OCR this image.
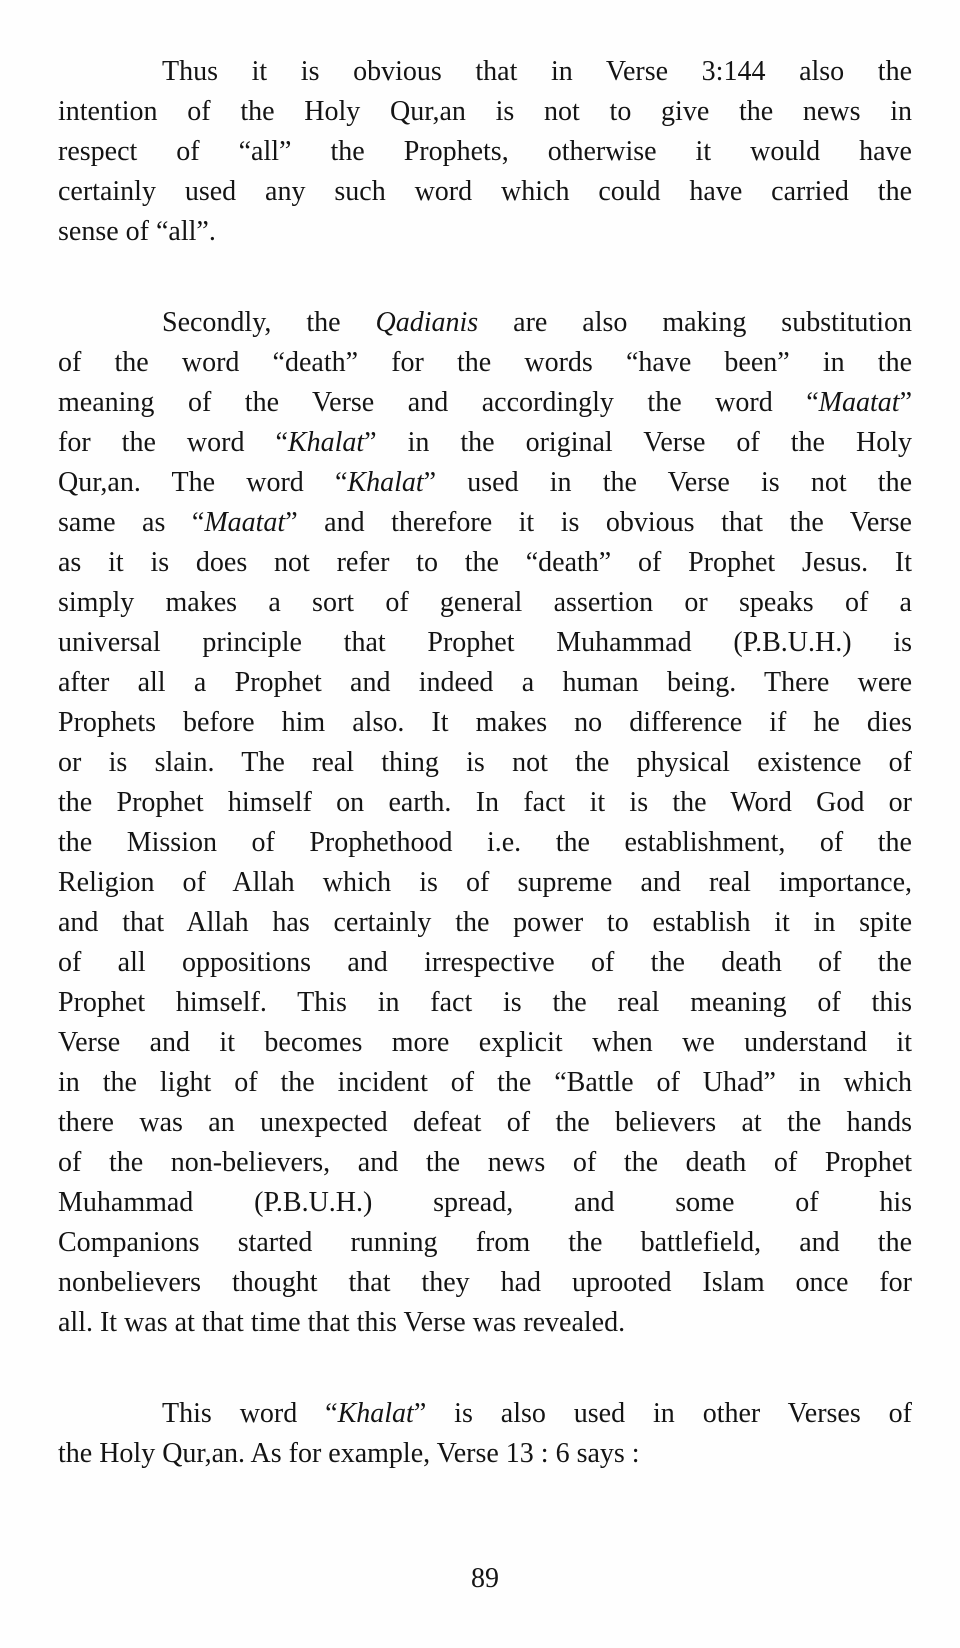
Thus it is obvious that in Verse 3:144 also the
intention of the Holy Qur,an is not to give the news in
respect of “all” the Prophets, otherwise it would have
certainly used any such word which could have carried the
sense of “all”.

Secondly, the Qadianis are also making substitution
of the word “death” for the words “have been” in the
meaning of the Verse and accordingly the word “Maatat”
for the word “Khalat” in the original Verse of the Holy
Qur,an. The word “Khalat” used in the Verse is not the
same as “Maatat” and therefore it is obvious that the Verse
as it is does not refer to the “death” of Prophet Jesus. It
simply makes a sort of general assertion or speaks of a
universal principle that Prophet Muhammad (P.B.U.H.) is
after all a Prophet and indeed a human being. There were
Prophets before him also. It makes no difference if he dies
or is slain. The real thing is not the physical existence of
the Prophet himself on earth. In fact it is the Word God or
the Mission of Prophethood i.e. the establishment, of the
Religion of Allah which is of supreme and real importance,
and that Allah has certainly the power to establish it in spite
of all oppositions and irrespective of the death of the
Prophet himself. This in fact is the real meaning of this
Verse and it becomes more explicit when we understand it
in the light of the incident of the “Battle of Uhad” in which
there was an unexpected defeat of the believers at the hands
of the non-believers, and the news of the death of Prophet
Muhammad (P.B.U.H.) spread, and some of his
Companions started running from the battlefield, and the
nonbelievers thought that they had uprooted Islam once for
all. It was at that time that this Verse was revealed.

This word “Khalat” is also used in other Verses of
the Holy Qur,an. As for example, Verse 13 : 6 says :

89
